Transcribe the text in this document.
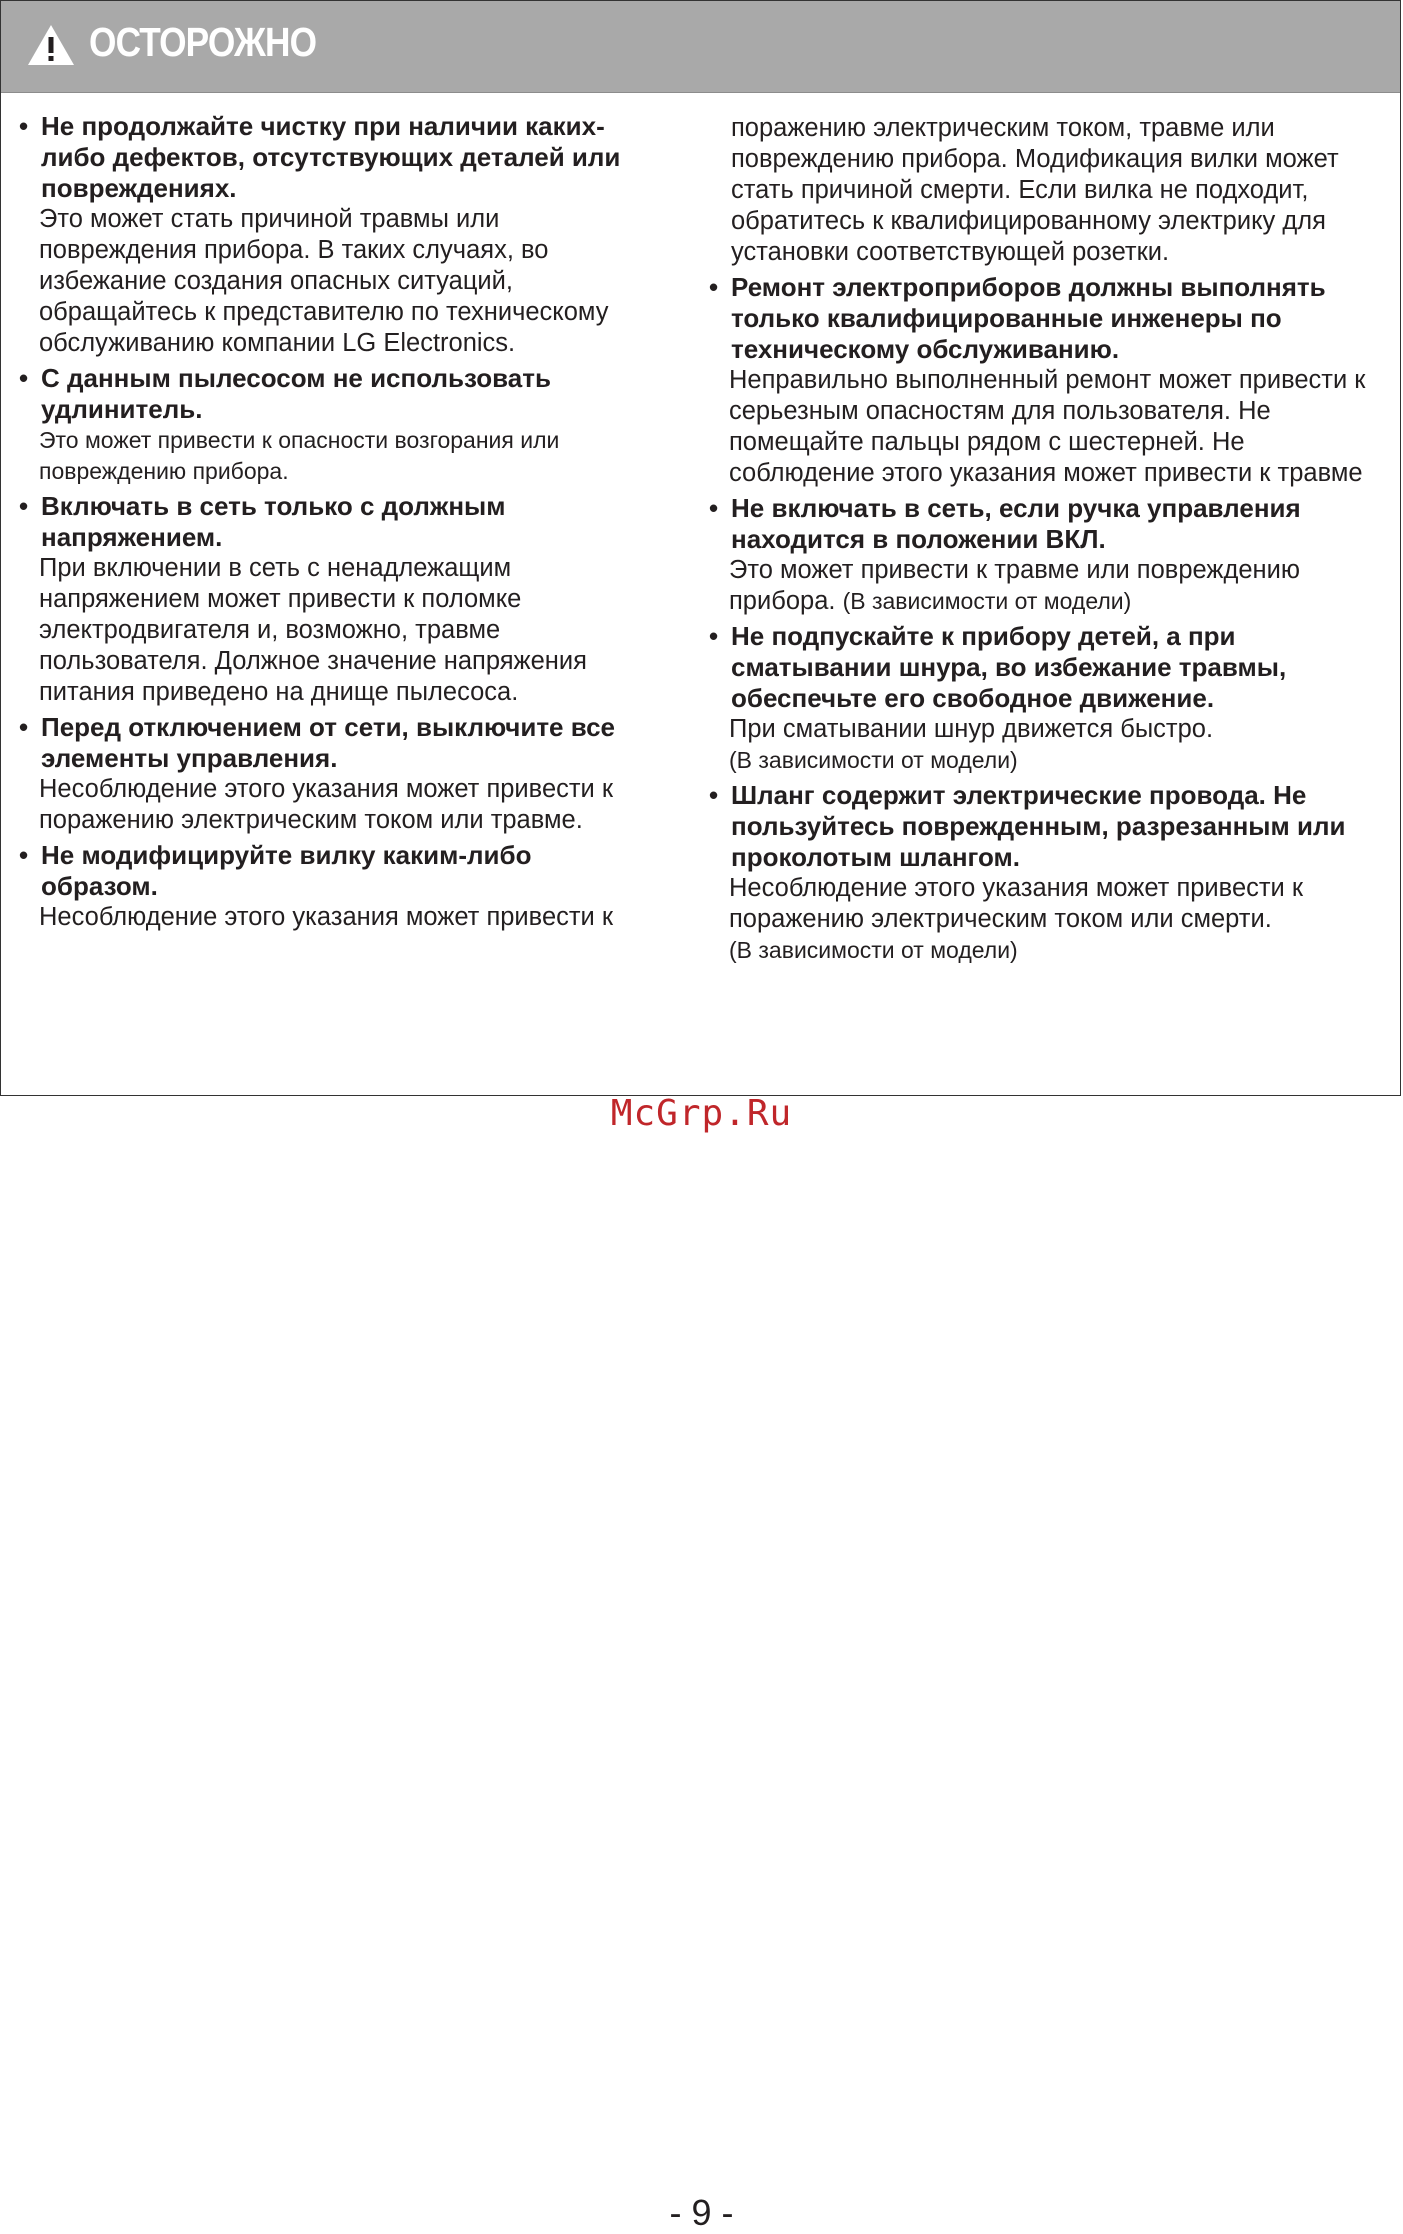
ОСТОРОЖНО
• Не продолжайте чистку при наличии каких-либо дефектов, отсутствующих деталей или повреждениях.
Это может стать причиной травмы или повреждения прибора. В таких случаях, во избежание создания опасных ситуаций, обращайтесь к представителю по техническому обслуживанию компании LG Electronics.
• С данным пылесосом не использовать удлинитель.
Это может привести к опасности возгорания или повреждению прибора.
• Включать в сеть только с должным напряжением.
При включении в сеть с ненадлежащим напряжением может привести к поломке электродвигателя и, возможно, травме пользователя. Должное значение напряжения питания приведено на днище пылесоса.
• Перед отключением от сети, выключите все элементы управления.
Несоблюдение этого указания может привести к поражению электрическим током или травме.
• Не модифицируйте вилку каким-либо образом.
Несоблюдение этого указания может привести к
поражению электрическим током, травме или повреждению прибора. Модификация вилки может стать причиной смерти. Если вилка не подходит, обратитесь к квалифицированному электрику для установки соответствующей розетки.
• Ремонт электроприборов должны выполнять только квалифицированные инженеры по техническому обслуживанию.
Неправильно выполненный ремонт может привести к серьезным опасностям для пользователя. Не помещайте пальцы рядом с шестерней. Не соблюдение этого указания может привести к травме
• Не включать в сеть, если ручка управления находится в положении ВКЛ.
Это может привести к травме или повреждению прибора. (В зависимости от модели)
• Не подпускайте к прибору детей, а при сматывании шнура, во избежание травмы, обеспечьте его свободное движение.
При сматывании шнур движется быстро.
(В зависимости от модели)
• Шланг содержит электрические провода. Не пользуйтесь поврежденным, разрезанным или проколотым шлангом.
Несоблюдение этого указания может привести к поражению электрическим током или смерти.
(В зависимости от модели)
McGrp.Ru
- 9 -
